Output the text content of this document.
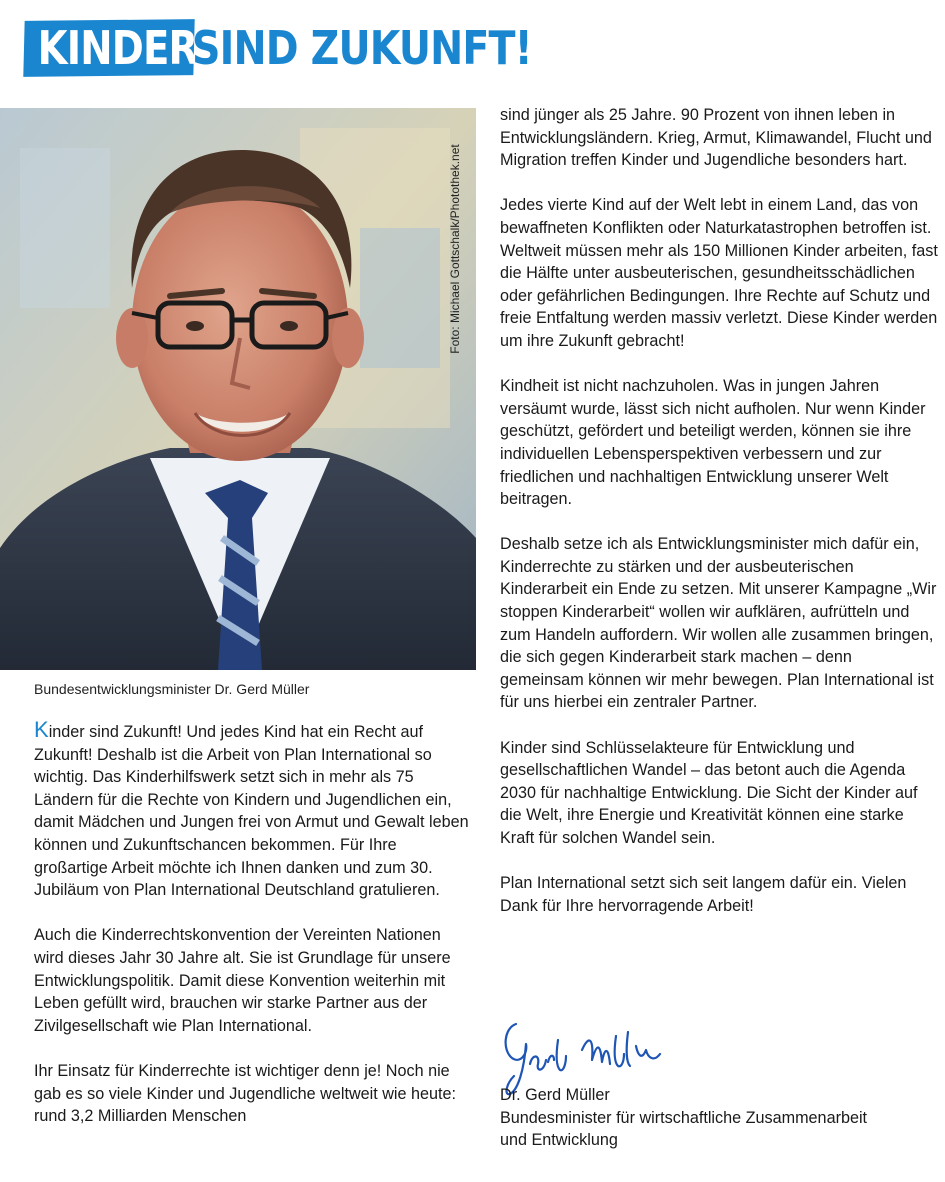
KINDER
SIND ZUKUNFT!
Foto: Michael Gottschalk/Photothek.net
Bundesentwicklungsminister Dr. Gerd Müller

Kinder sind Zukunft! Und jedes Kind hat ein Recht auf Zukunft! Deshalb ist die Arbeit von Plan International so wichtig. Das Kinderhilfswerk setzt sich in mehr als 75 Ländern für die Rechte von Kindern und Jugendlichen ein, damit Mädchen und Jungen frei von Armut und Gewalt leben können und Zukunftschancen bekommen. Für Ihre großartige Arbeit möchte ich Ihnen danken und zum 30. Jubiläum von Plan International Deutschland gratulieren.

Auch die Kinderrechtskonvention der Vereinten Nationen wird dieses Jahr 30 Jahre alt. Sie ist Grundlage für unsere Entwicklungspolitik. Damit diese Konvention weiterhin mit Leben gefüllt wird, brauchen wir starke Partner aus der Zivilgesellschaft wie Plan International.

Ihr Einsatz für Kinderrechte ist wichtiger denn je! Noch nie gab es so viele Kinder und Jugendliche weltweit wie heute: rund 3,2 Milliarden Menschen

sind jünger als 25 Jahre. 90 Prozent von ihnen leben in Entwicklungsländern. Krieg, Armut, Klimawandel, Flucht und Migration treffen Kinder und Jugendliche besonders hart.

Jedes vierte Kind auf der Welt lebt in einem Land, das von bewaffneten Konflikten oder Naturkatastrophen betroffen ist. Weltweit müssen mehr als 150 Millionen Kinder arbeiten, fast die Hälfte unter ausbeuterischen, gesundheitsschädlichen oder gefährlichen Bedingungen. Ihre Rechte auf Schutz und freie Entfaltung werden massiv verletzt. Diese Kinder werden um ihre Zukunft gebracht!

Kindheit ist nicht nachzuholen. Was in jungen Jahren versäumt wurde, lässt sich nicht aufholen. Nur wenn Kinder geschützt, gefördert und beteiligt werden, können sie ihre individuellen Lebensperspektiven verbessern und zur friedlichen und nachhaltigen Entwicklung unserer Welt beitragen.

Deshalb setze ich als Entwicklungsminister mich dafür ein, Kinderrechte zu stärken und der ausbeuterischen Kinderarbeit ein Ende zu setzen. Mit unserer Kampagne „Wir stoppen Kinderarbeit“ wollen wir aufklären, aufrütteln und zum Handeln auffordern. Wir wollen alle zusammen bringen, die sich gegen Kinderarbeit stark machen – denn gemeinsam können wir mehr bewegen. Plan International ist für uns hierbei ein zentraler Partner.

Kinder sind Schlüsselakteure für Entwicklung und gesellschaftlichen Wandel – das betont auch die Agenda 2030 für nachhaltige Entwicklung. Die Sicht der Kinder auf die Welt, ihre Energie und Kreativität können eine starke Kraft für solchen Wandel sein.

Plan International setzt sich seit langem dafür ein. Vielen Dank für Ihre hervorragende Arbeit!

Dr. Gerd Müller
Bundesminister für wirtschaftliche Zusammenarbeit
und Entwicklung
